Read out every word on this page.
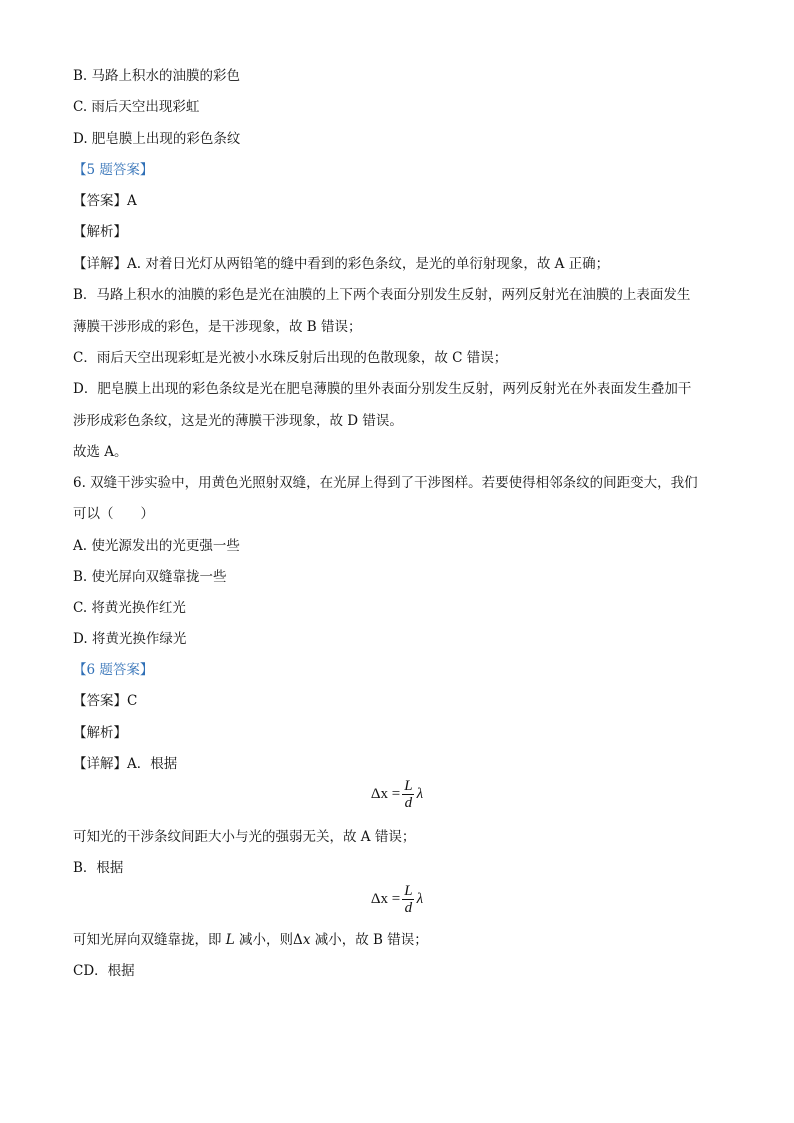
B. 马路上积水的油膜的彩色
C. 雨后天空出现彩虹
D. 肥皂膜上出现的彩色条纹
【5 题答案】
【答案】A
【解析】
【详解】A. 对着日光灯从两铅笔的缝中看到的彩色条纹，是光的单衍射现象，故 A 正确；
B．马路上积水的油膜的彩色是光在油膜的上下两个表面分别发生反射，两列反射光在油膜的上表面发生
薄膜干涉形成的彩色，是干涉现象，故 B 错误；
C．雨后天空出现彩虹是光被小水珠反射后出现的色散现象，故 C 错误；
D．肥皂膜上出现的彩色条纹是光在肥皂薄膜的里外表面分别发生反射，两列反射光在外表面发生叠加干
涉形成彩色条纹，这是光的薄膜干涉现象，故 D 错误。
故选 A。
6. 双缝干涉实验中，用黄色光照射双缝，在光屏上得到了干涉图样。若要使得相邻条纹的间距变大，我们
可以（　　）
A. 使光源发出的光更强一些
B. 使光屏向双缝靠拢一些
C. 将黄光换作红光
D. 将黄光换作绿光
【6 题答案】
【答案】C
【解析】
【详解】A．根据
$\Delta x = \frac{L}{d}$ λ
可知光的干涉条纹间距大小与光的强弱无关，故 A 错误；
B．根据
$\Delta x = \frac{L}{d}$ λ
可知光屏向双缝靠拢，即 L 减小，则Δx 减小，故 B 错误；
CD．根据
